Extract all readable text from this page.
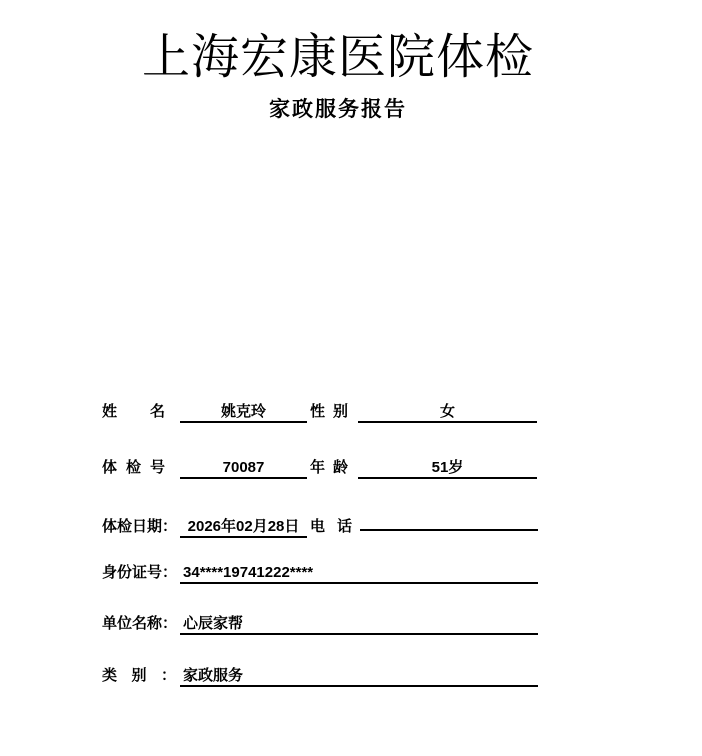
上海宏康医院体检
家政服务报告
姓名	姚克玲	性别	女
体检号	70087	年龄	51岁
体检日期： 2026年02月28日 电话
身份证号： 34****19741222****
单位名称： 心辰家帮
类别： 家政服务
